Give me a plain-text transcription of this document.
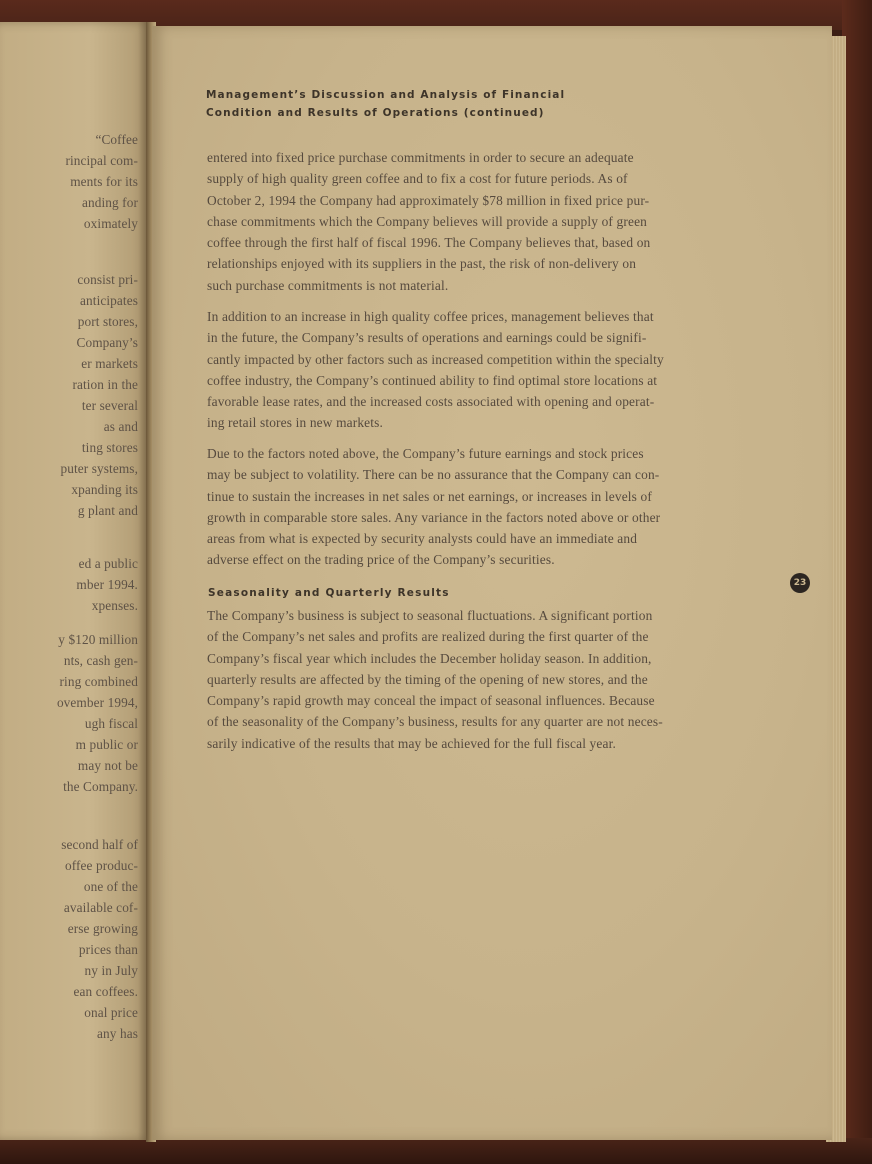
“Coffee
rincipal com-
ments for its
anding for
oximately
consist pri-
anticipates
port stores,
Company’s
er markets
ration in the
ter several
as and
ting stores
puter systems,
xpanding its
g plant and
ed a public
mber 1994.
xpenses.
y $120 million
nts, cash gen-
ring combined
ovember 1994,
ugh fiscal
m public or
may not be
the Company.
second half of
offee produc-
one of the
available cof-
erse growing
prices than
ny in July
ean coffees.
onal price
any has
Management’s Discussion and Analysis of Financial
Condition and Results of Operations (continued)

entered into fixed price purchase commitments in order to secure an adequate
supply of high quality green coffee and to fix a cost for future periods. As of
October 2, 1994 the Company had approximately $78 million in fixed price pur-
chase commitments which the Company believes will provide a supply of green
coffee through the first half of fiscal 1996. The Company believes that, based on
relationships enjoyed with its suppliers in the past, the risk of non-delivery on
such purchase commitments is not material.

In addition to an increase in high quality coffee prices, management believes that
in the future, the Company’s results of operations and earnings could be signifi-
cantly impacted by other factors such as increased competition within the specialty
coffee industry, the Company’s continued ability to find optimal store locations at
favorable lease rates, and the increased costs associated with opening and operat-
ing retail stores in new markets.

Due to the factors noted above, the Company’s future earnings and stock prices
may be subject to volatility. There can be no assurance that the Company can con-
tinue to sustain the increases in net sales or net earnings, or increases in levels of
growth in comparable store sales. Any variance in the factors noted above or other
areas from what is expected by security analysts could have an immediate and
adverse effect on the trading price of the Company’s securities.

Seasonality and Quarterly Results

The Company’s business is subject to seasonal fluctuations. A significant portion
of the Company’s net sales and profits are realized during the first quarter of the
Company’s fiscal year which includes the December holiday season. In addition,
quarterly results are affected by the timing of the opening of new stores, and the
Company’s rapid growth may conceal the impact of seasonal influences. Because
of the seasonality of the Company’s business, results for any quarter are not neces-
sarily indicative of the results that may be achieved for the full fiscal year.

23
